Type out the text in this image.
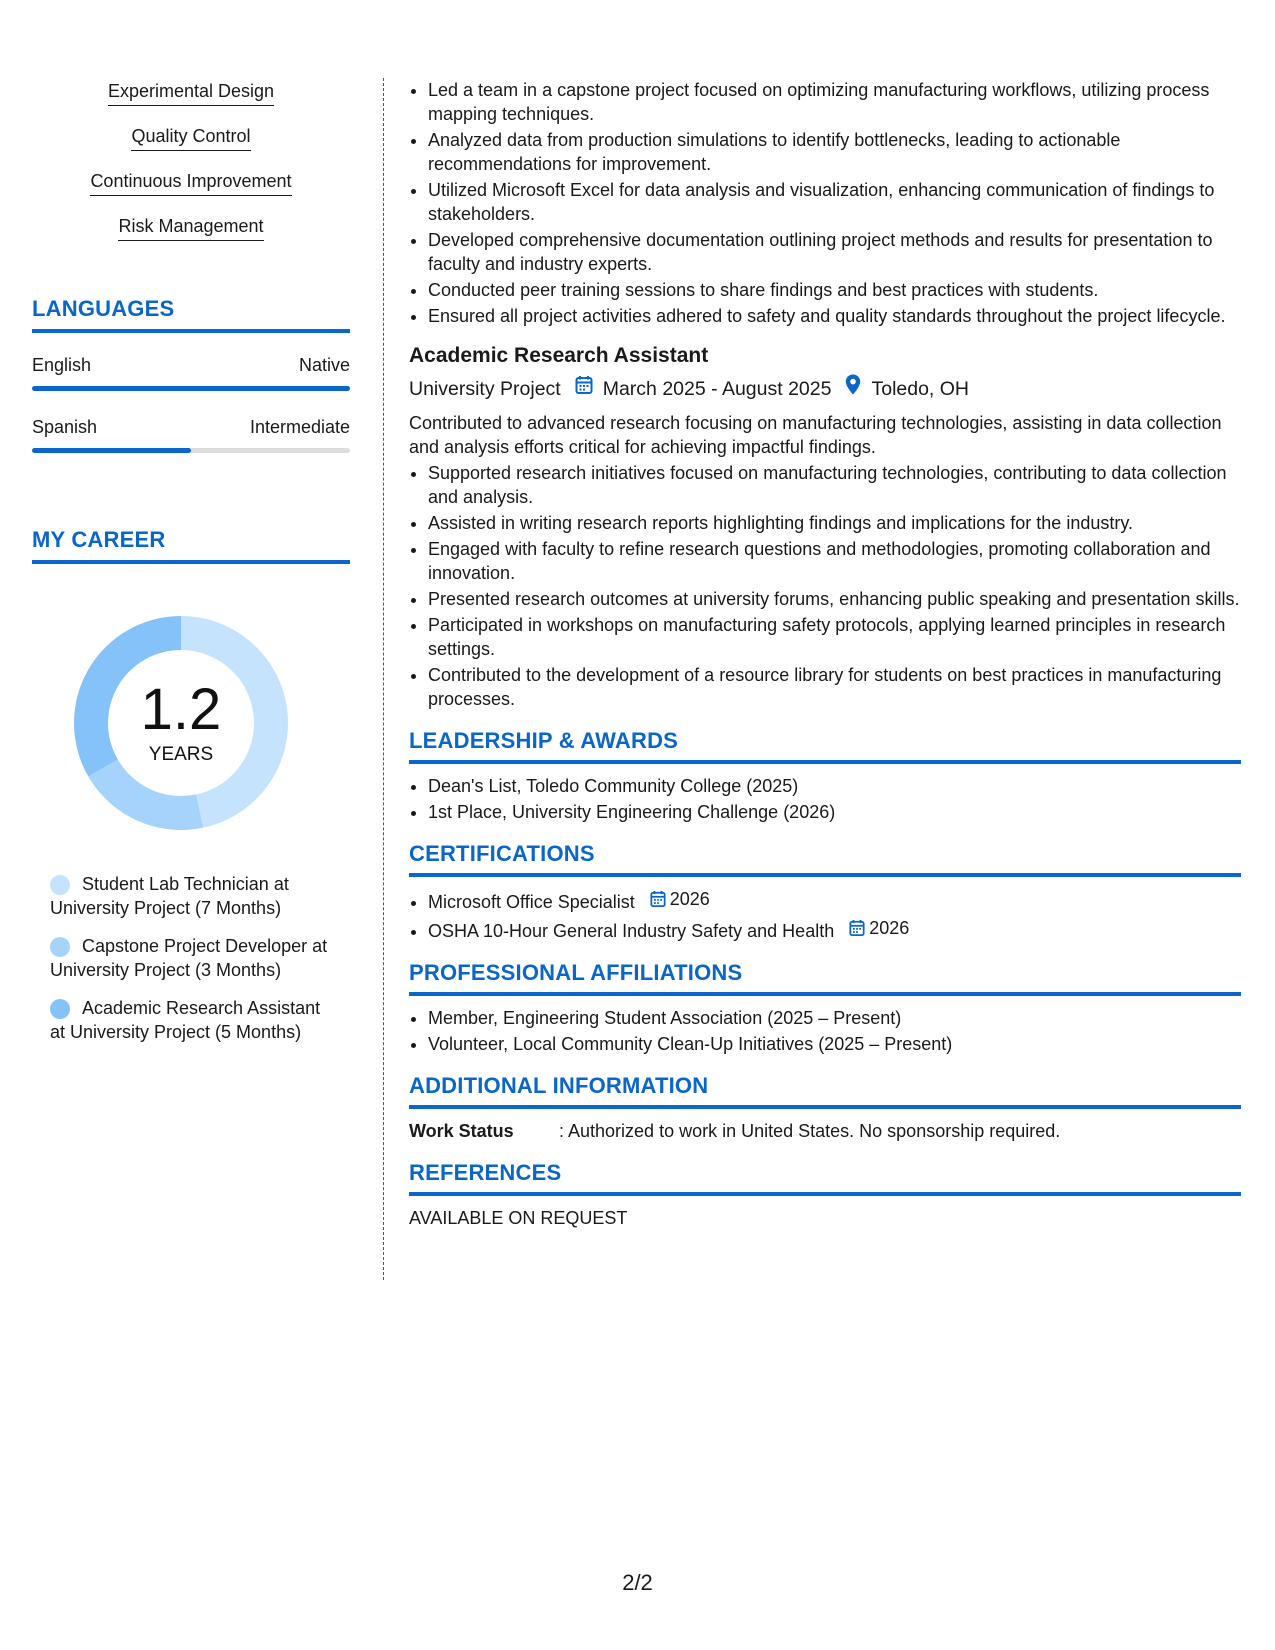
Experimental Design
Quality Control
Continuous Improvement
Risk Management
LANGUAGES
English	Native
Spanish	Intermediate
MY CAREER
1.2
YEARS
Student Lab Technician at University Project (7 Months)
Capstone Project Developer at University Project (3 Months)
Academic Research Assistant at University Project (5 Months)
• Led a team in a capstone project focused on optimizing manufacturing workflows, utilizing process mapping techniques.
• Analyzed data from production simulations to identify bottlenecks, leading to actionable recommendations for improvement.
• Utilized Microsoft Excel for data analysis and visualization, enhancing communication of findings to stakeholders.
• Developed comprehensive documentation outlining project methods and results for presentation to faculty and industry experts.
• Conducted peer training sessions to share findings and best practices with students.
• Ensured all project activities adhered to safety and quality standards throughout the project lifecycle.
Academic Research Assistant
University Project March 2025 - August 2025 Toledo, OH
Contributed to advanced research focusing on manufacturing technologies, assisting in data collection and analysis efforts critical for achieving impactful findings.
• Supported research initiatives focused on manufacturing technologies, contributing to data collection and analysis.
• Assisted in writing research reports highlighting findings and implications for the industry.
• Engaged with faculty to refine research questions and methodologies, promoting collaboration and innovation.
• Presented research outcomes at university forums, enhancing public speaking and presentation skills.
• Participated in workshops on manufacturing safety protocols, applying learned principles in research settings.
• Contributed to the development of a resource library for students on best practices in manufacturing processes.
LEADERSHIP & AWARDS
• Dean's List, Toledo Community College (2025)
• 1st Place, University Engineering Challenge (2026)
CERTIFICATIONS
• Microsoft Office Specialist 2026
• OSHA 10-Hour General Industry Safety and Health 2026
PROFESSIONAL AFFILIATIONS
• Member, Engineering Student Association (2025 – Present)
• Volunteer, Local Community Clean-Up Initiatives (2025 – Present)
ADDITIONAL INFORMATION
Work Status	: Authorized to work in United States. No sponsorship required.
REFERENCES
AVAILABLE ON REQUEST
2/2
